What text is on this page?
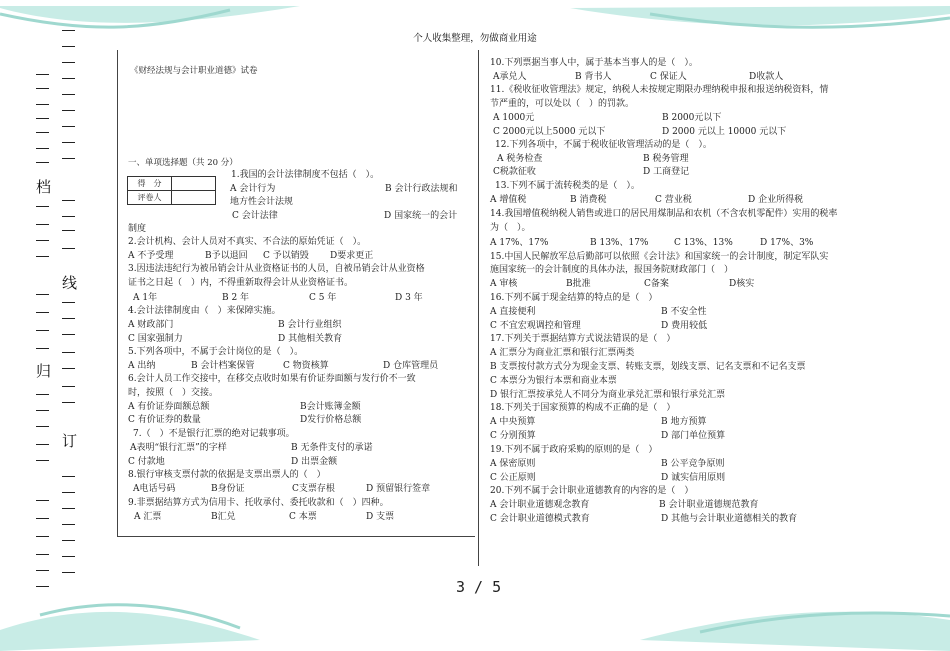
个人收集整理，勿做商业用途
档
线
归
订
《财经法规与会计职业道德》试卷
一、单项选择题（共 20 分）
得　分	
评卷人	
1.我国的会计法律制度不包括（　）。
A 会计行为	B 会计行政法规和
地方性会计法规
C 会计法律	D 国家统一的会计
制度
2.会计机构、会计人员对不真实、不合法的原始凭证（　）。
A 不予受理	B予以退回 C 予以销毁 D要求更正
3.因违法违纪行为被吊销会计从业资格证书的人员，自被吊销会计从业资格
证书之日起（　）内，不得重新取得会计从业资格证书。
A 1年	B 2 年	C 5 年	D 3 年
4.会计法律制度由（　）来保障实施。
A 财政部门	B 会计行业组织
C 国家强制力	D 其他相关教育
5.下列各项中，不属于会计岗位的是（　）。
A 出纳	B 会计档案保管	C 物资核算	D 仓库管理员
6.会计人员工作交接中，在移交点收时如果有价证券面额与发行价不一致
时，按照（　）交接。
A 有价证券面额总额	B会计账簿金额
C 有价证券的数量	D发行价格总额
7.（　）不是银行汇票的绝对记载事项。
A表明“银行汇票”的字样	B 无条件支付的承诺
C 付款地	D 出票金额
8.银行审核支票付款的依据是支票出票人的（　）
A电话号码	B身份证	C支票存根	D 预留银行签章
9.非票据结算方式为信用卡、托收承付、委托收款和（　）四种。
A 汇票	B汇兑	C 本票	D 支票
10.下列票据当事人中，属于基本当事人的是（　）。
A承兑人	B 背书人	C 保证人	D收款人
11.《税收征收管理法》规定，纳税人未按规定期限办理纳税申报和报送纳税资料，情
节严重的，可以处以（　）的罚款。
A 1000元	B 2000元以下
C 2000元以上5000 元以下	D 2000 元以上 10000 元以下
12.下列各项中，不属于税收征收管理活动的是（　）。
A 税务检查	B 税务管理
C税款征收	D 工商登记
13.下列不属于流转税类的是（　）。
A 增值税	B 消费税	C 营业税	D 企业所得税
14.我国增值税纳税人销售或进口的居民用煤制品和农机（不含农机零配件）实用的税率
为（　）。
A 17%、17%	B 13%、17%	C 13%、13%	D 17%、3%
15.中国人民解放军总后勤部可以依照《会计法》和国家统一的会计制度，制定军队实
施国家统一的会计制度的具体办法，报国务院财政部门（　）
A 审核	B批准	C备案	D核实
16.下列不属于现金结算的特点的是（　）
A 直接便利	B 不安全性
C 不宜宏观调控和管理	D 费用较低
17.下列关于票据结算方式说法错误的是（　）
A 汇票分为商业汇票和银行汇票两类
B 支票按付款方式分为现金支票、转账支票，划线支票、记名支票和不记名支票
C 本票分为银行本票和商业本票
D 银行汇票按承兑人不同分为商业承兑汇票和银行承兑汇票
18.下列关于国家预算的构成不正确的是（　）
A 中央预算	B 地方预算
C 分别预算	D 部门单位预算
19.下列不属于政府采购的原则的是（　）
A 保密原则	B 公平竞争原则
C 公正原则	D 诚实信用原则
20.下列不属于会计职业道德教育的内容的是（　）
A 会计职业道德观念教育	B 会计职业道德规范教育
C 会计职业道德模式教育	D 其他与会计职业道德相关的教育
3 / 5
